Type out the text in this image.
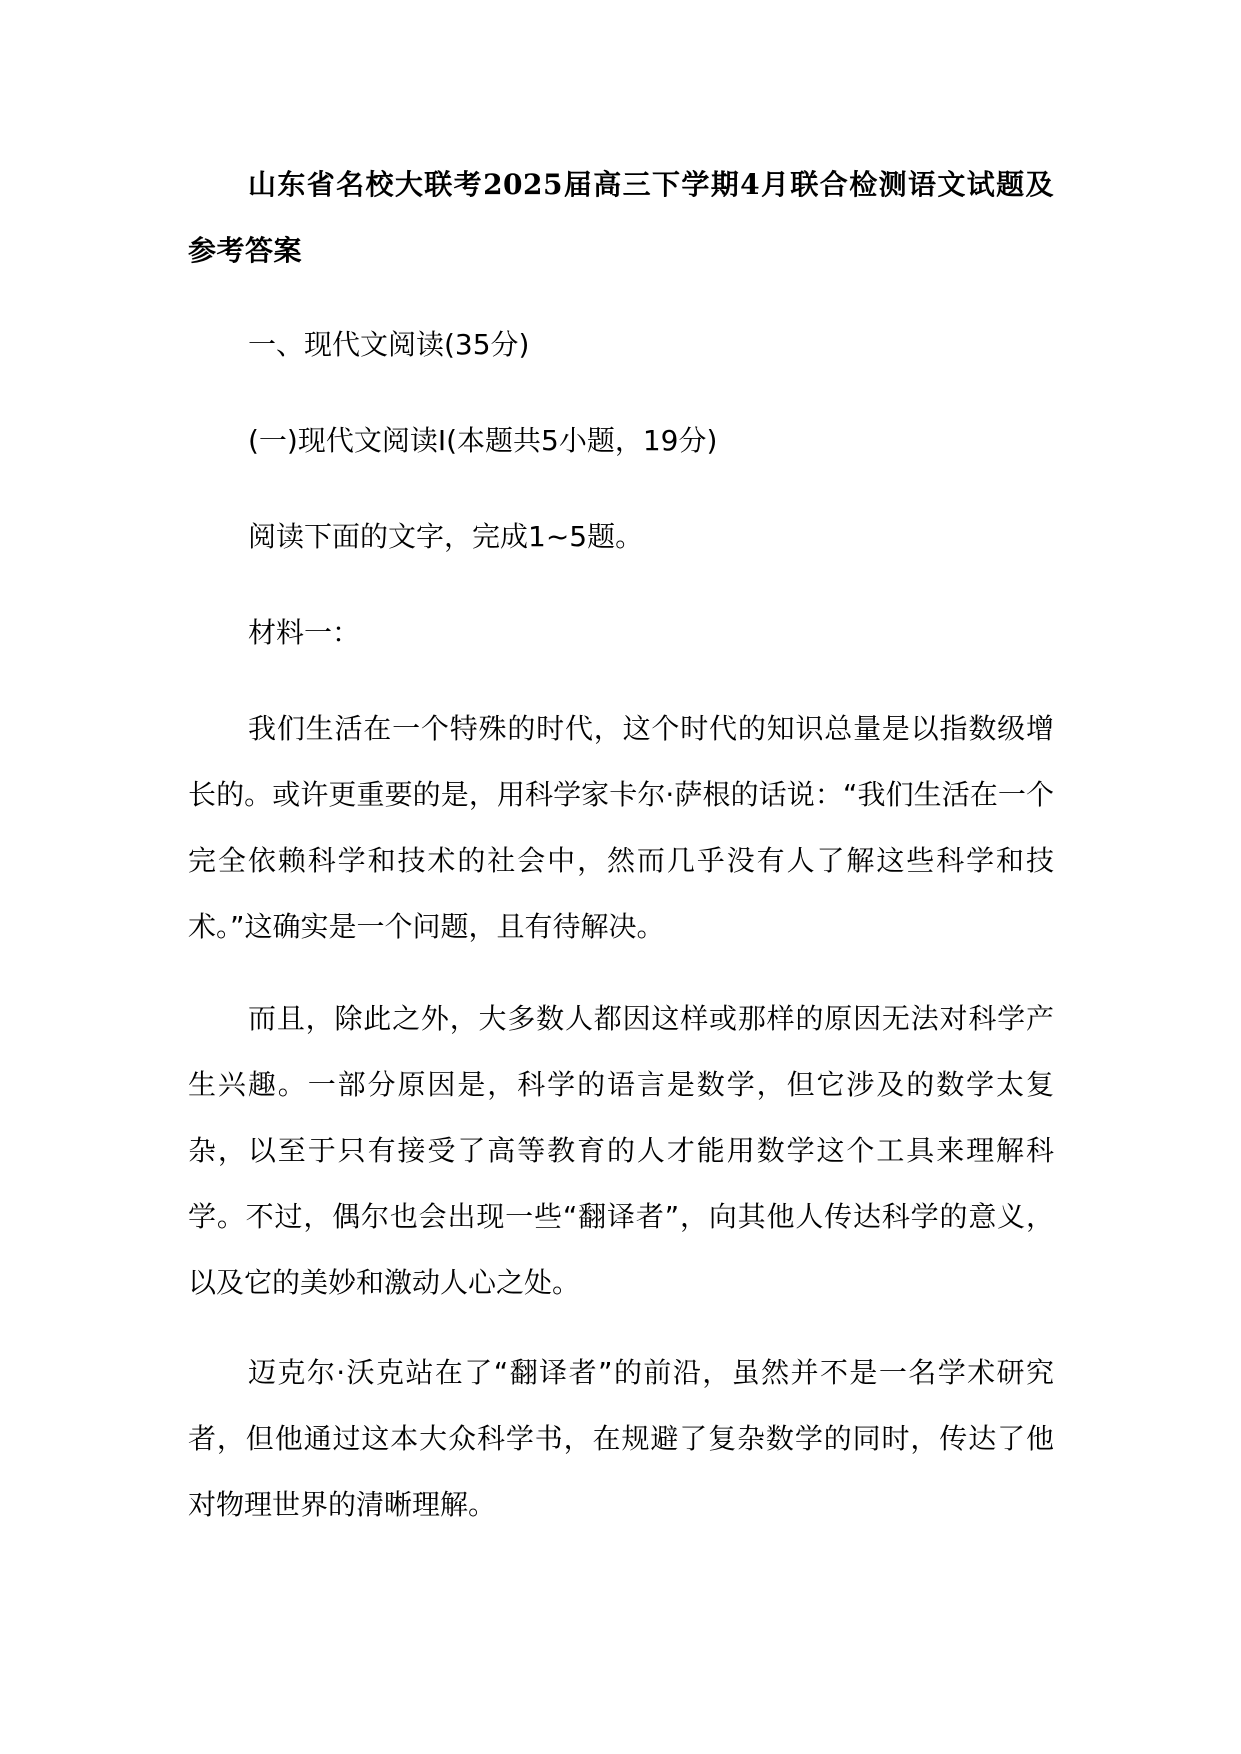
山东省名校大联考2025届高三下学期4月联合检测语文试题及参考答案

一、现代文阅读(35分)

(一)现代文阅读Ⅰ(本题共5小题，19分)

阅读下面的文字，完成1~5题。

材料一：

我们生活在一个特殊的时代，这个时代的知识总量是以指数级增长的。或许更重要的是，用科学家卡尔·萨根的话说：“我们生活在一个完全依赖科学和技术的社会中，然而几乎没有人了解这些科学和技术。”这确实是一个问题，且有待解决。

而且，除此之外，大多数人都因这样或那样的原因无法对科学产生兴趣。一部分原因是，科学的语言是数学，但它涉及的数学太复杂，以至于只有接受了高等教育的人才能用数学这个工具来理解科学。不过，偶尔也会出现一些“翻译者”，向其他人传达科学的意义，以及它的美妙和激动人心之处。

迈克尔·沃克站在了“翻译者”的前沿，虽然并不是一名学术研究者，但他通过这本大众科学书，在规避了复杂数学的同时，传达了他对物理世界的清晰理解。
